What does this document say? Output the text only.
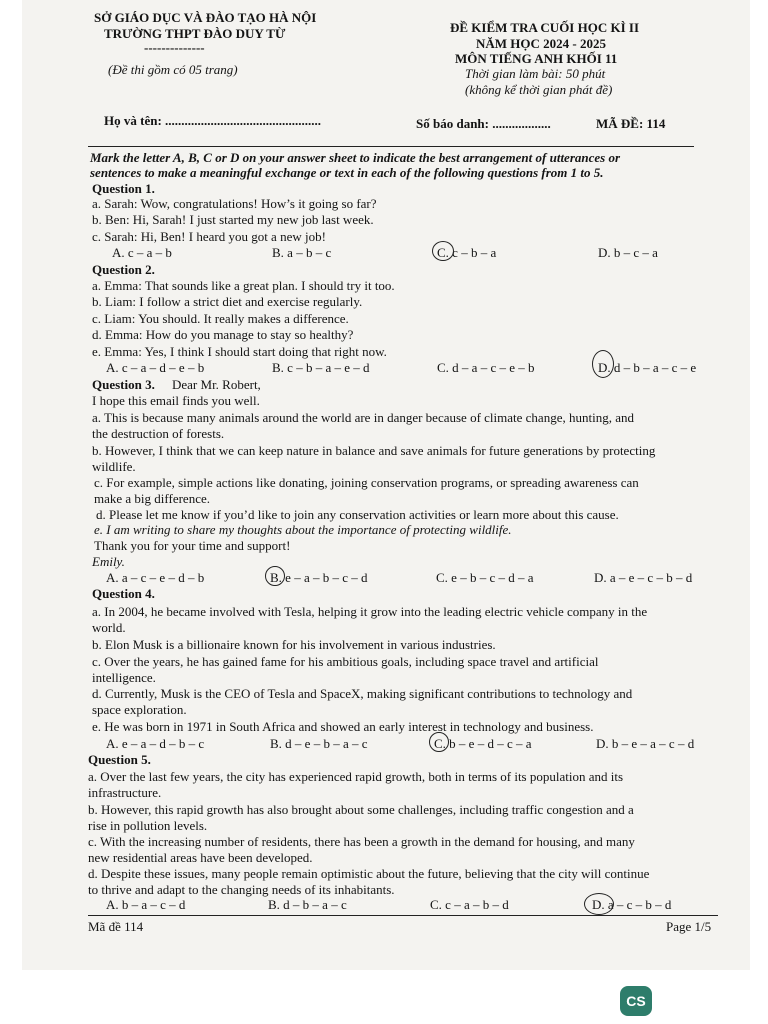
SỞ GIÁO DỤC VÀ ĐÀO TẠO HÀ NỘI
TRƯỜNG THPT ĐÀO DUY TỪ
--------------
(Đề thi gồm có 05 trang)
ĐỀ KIỂM TRA CUỐI HỌC KÌ II
NĂM HỌC 2024 - 2025
MÔN TIẾNG ANH KHỐI 11
Thời gian làm bài: 50 phút
(không kể thời gian phát đề)
Họ và tên: ................................................	Số báo danh: ..................	MÃ ĐỀ: 114
Mark the letter A, B, C or D on your answer sheet to indicate the best arrangement of utterances or
sentences to make a meaningful exchange or text in each of the following questions from 1 to 5.
Question 1.
a. Sarah: Wow, congratulations! How’s it going so far?
b. Ben: Hi, Sarah! I just started my new job last week.
c. Sarah: Hi, Ben! I heard you got a new job!
A. c – a – b	B. a – b – c	C. c – b – a	D. b – c – a
Question 2.
a. Emma: That sounds like a great plan. I should try it too.
b. Liam: I follow a strict diet and exercise regularly.
c. Liam: You should. It really makes a difference.
d. Emma: How do you manage to stay so healthy?
e. Emma: Yes, I think I should start doing that right now.
A. c – a – d – e – b	B. c – b – a – e – d	C. d – a – c – e – b	D. d – b – a – c – e
Question 3. Dear Mr. Robert,
I hope this email finds you well.
a. This is because many animals around the world are in danger because of climate change, hunting, and
the destruction of forests.
b. However, I think that we can keep nature in balance and save animals for future generations by protecting
wildlife.
c. For example, simple actions like donating, joining conservation programs, or spreading awareness can
make a big difference.
d. Please let me know if you’d like to join any conservation activities or learn more about this cause.
e. I am writing to share my thoughts about the importance of protecting wildlife.
Thank you for your time and support!
Emily.
A. a – c – e – d – b	B. e – a – b – c – d	C. e – b – c – d – a	D. a – e – c – b – d
Question 4.
a. In 2004, he became involved with Tesla, helping it grow into the leading electric vehicle company in the
world.
b. Elon Musk is a billionaire known for his involvement in various industries.
c. Over the years, he has gained fame for his ambitious goals, including space travel and artificial
intelligence.
d. Currently, Musk is the CEO of Tesla and SpaceX, making significant contributions to technology and
space exploration.
e. He was born in 1971 in South Africa and showed an early interest in technology and business.
A. e – a – d – b – c	B. d – e – b – a – c	C. b – e – d – c – a	D. b – e – a – c – d
Question 5.
a. Over the last few years, the city has experienced rapid growth, both in terms of its population and its
infrastructure.
b. However, this rapid growth has also brought about some challenges, including traffic congestion and a
rise in pollution levels.
c. With the increasing number of residents, there has been a growth in the demand for housing, and many
new residential areas have been developed.
d. Despite these issues, many people remain optimistic about the future, believing that the city will continue
to thrive and adapt to the changing needs of its inhabitants.
A. b – a – c – d	B. d – b – a – c	C. c – a – b – d	D. a – c – b – d
Mã đề 114	Page 1/5
CS
